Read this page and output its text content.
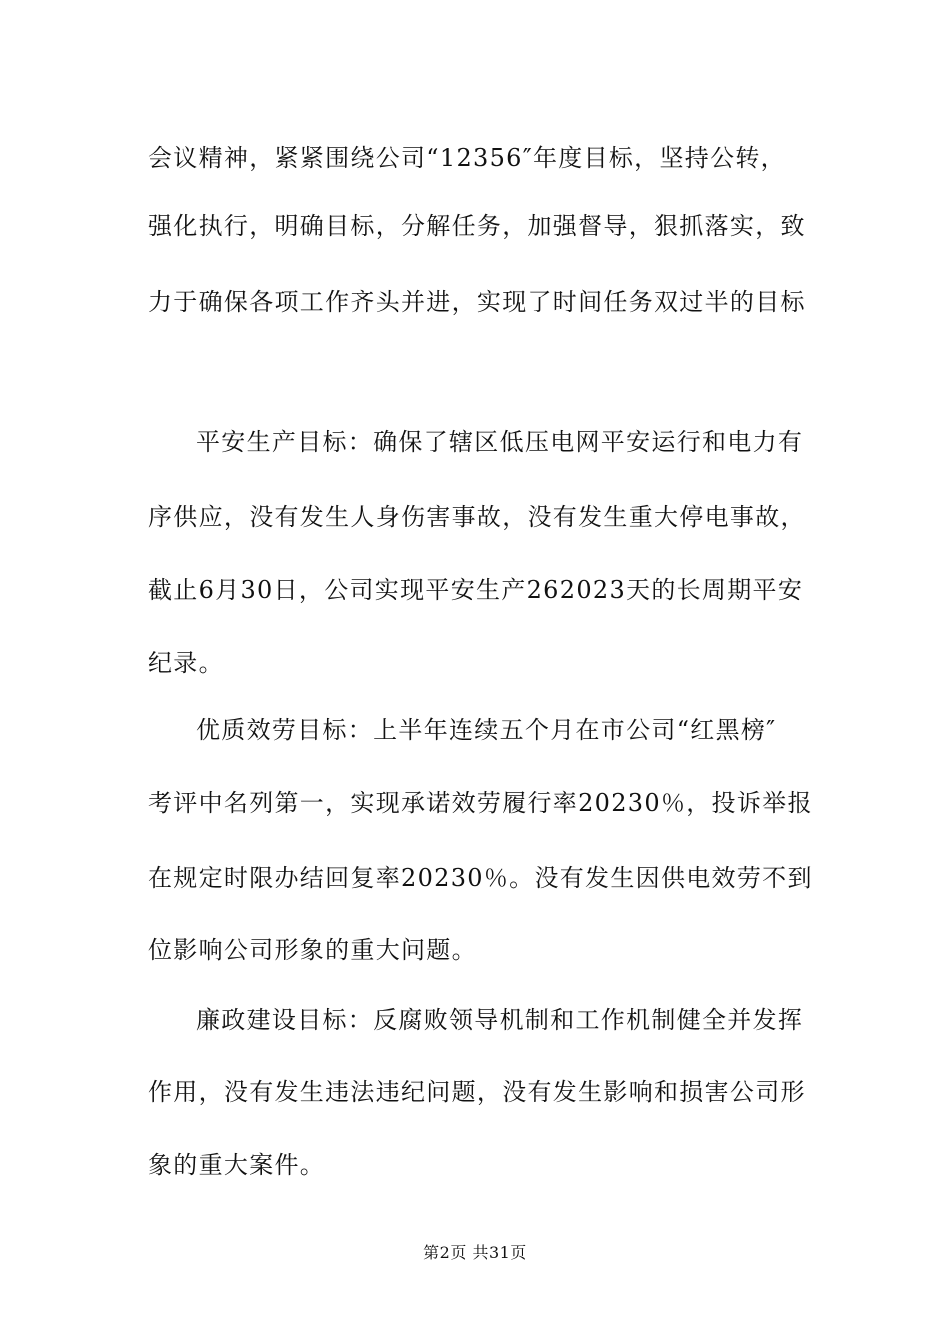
会议精神，紧紧围绕公司“12356″年度目标，坚持公转，
强化执行，明确目标，分解任务，加强督导，狠抓落实，致
力于确保各项工作齐头并进，实现了时间任务双过半的目标
平安生产目标：确保了辖区低压电网平安运行和电力有
序供应，没有发生人身伤害事故，没有发生重大停电事故，
截止6月30日，公司实现平安生产262023天的长周期平安
纪录。
优质效劳目标：上半年连续五个月在市公司“红黑榜″
考评中名列第一，实现承诺效劳履行率20230％，投诉举报
在规定时限办结回复率20230％。没有发生因供电效劳不到
位影响公司形象的重大问题。
廉政建设目标：反腐败领导机制和工作机制健全并发挥
作用，没有发生违法违纪问题，没有发生影响和损害公司形
象的重大案件。
第2页 共31页
